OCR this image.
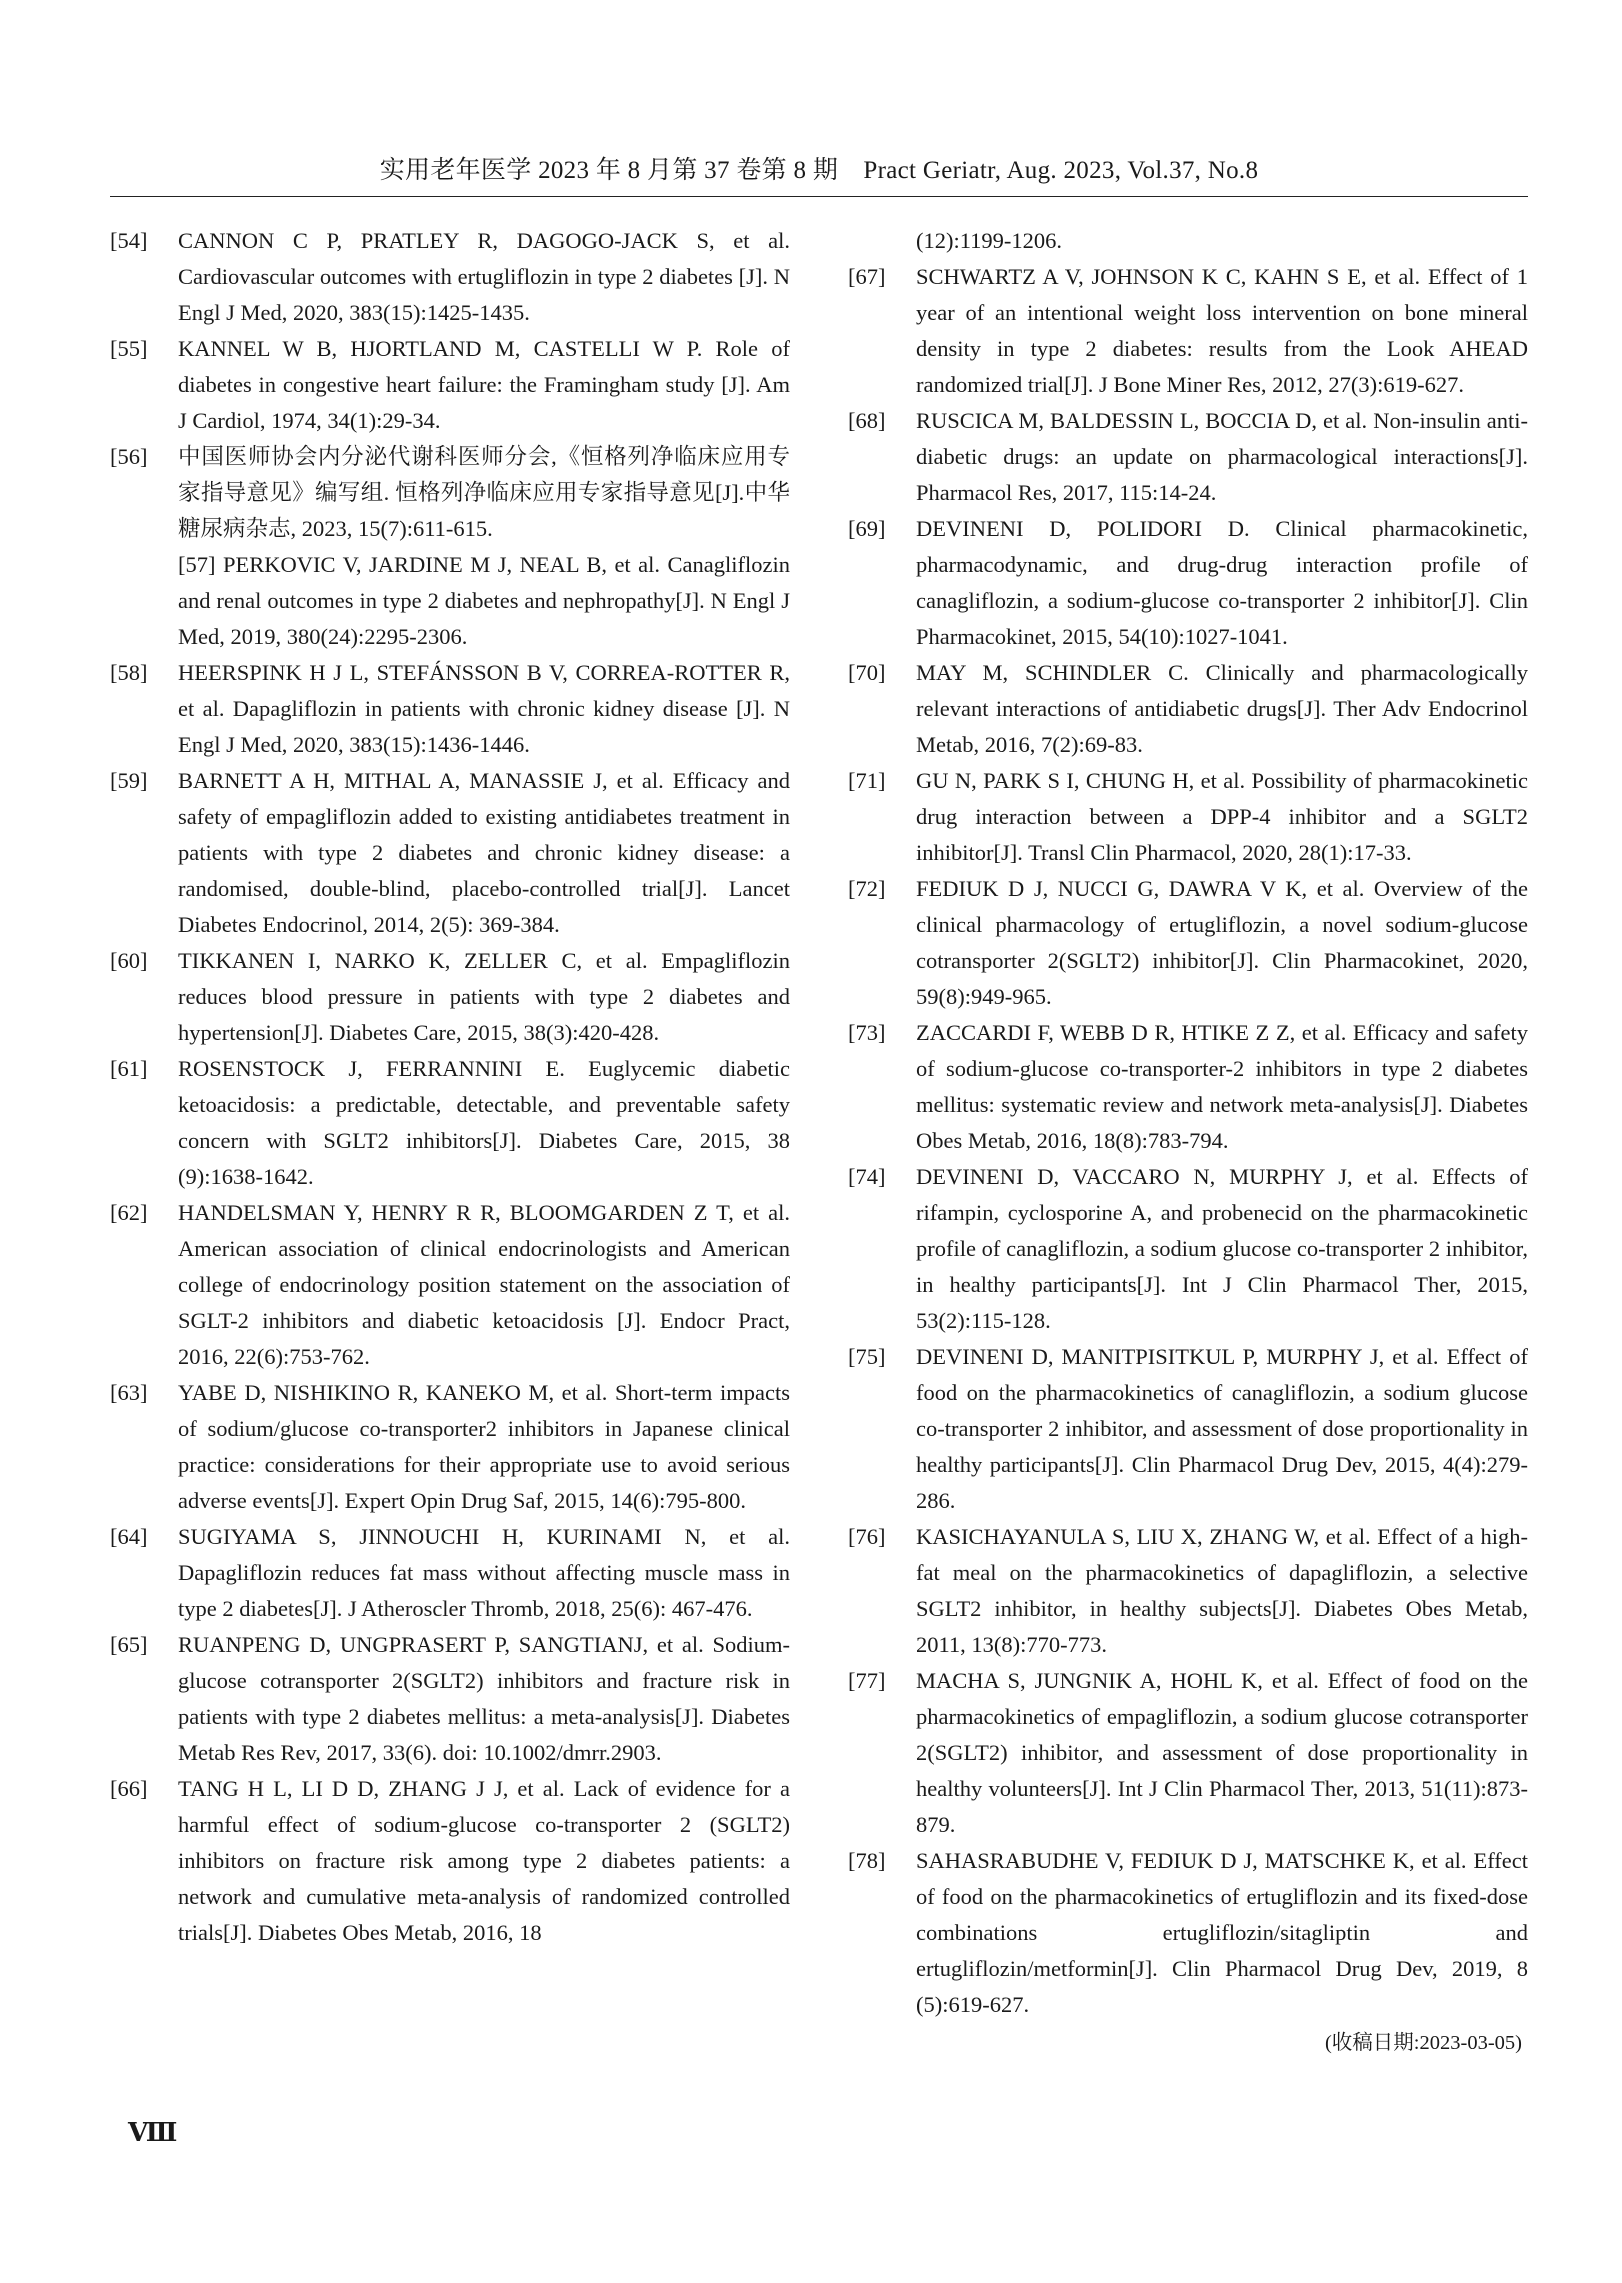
实用老年医学 2023 年 8 月第 37 卷第 8 期　Pract Geriatr, Aug. 2023, Vol.37, No.8
[54]	CANNON C P, PRATLEY R, DAGOGO-JACK S, et al. Cardiovascular outcomes with ertugliflozin in type 2 diabetes [J]. N Engl J Med, 2020, 383(15):1425-1435.
[55]	KANNEL W B, HJORTLAND M, CASTELLI W P. Role of diabetes in congestive heart failure: the Framingham study [J]. Am J Cardiol, 1974, 34(1):29-34.
[56]	中国医师协会内分泌代谢科医师分会,《恒格列净临床应用专家指导意见》编写组. 恒格列净临床应用专家指导意见[J].中华糖尿病杂志, 2023, 15(7):611-615.
[57] PERKOVIC V, JARDINE M J, NEAL B, et al. Canagliflozin and renal outcomes in type 2 diabetes and nephropathy[J]. N Engl J Med, 2019, 380(24):2295-2306.
[58]	HEERSPINK H J L, STEFÁNSSON B V, CORREA-ROTTER R, et al. Dapagliflozin in patients with chronic kidney disease [J]. N Engl J Med, 2020, 383(15):1436-1446.
[59]	BARNETT A H, MITHAL A, MANASSIE J, et al. Efficacy and safety of empagliflozin added to existing antidiabetes treatment in patients with type 2 diabetes and chronic kidney disease: a randomised, double-blind, placebo-controlled trial[J]. Lancet Diabetes Endocrinol, 2014, 2(5): 369-384.
[60]	TIKKANEN I, NARKO K, ZELLER C, et al. Empagliflozin reduces blood pressure in patients with type 2 diabetes and hypertension[J]. Diabetes Care, 2015, 38(3):420-428.
[61]	ROSENSTOCK J, FERRANNINI E. Euglycemic diabetic ketoacidosis: a predictable, detectable, and preventable safety concern with SGLT2 inhibitors[J]. Diabetes Care, 2015, 38 (9):1638-1642.
[62]	HANDELSMAN Y, HENRY R R, BLOOMGARDEN Z T, et al. American association of clinical endocrinologists and American college of endocrinology position statement on the association of SGLT-2 inhibitors and diabetic ketoacidosis [J]. Endocr Pract, 2016, 22(6):753-762.
[63]	YABE D, NISHIKINO R, KANEKO M, et al. Short-term impacts of sodium/glucose co-transporter2 inhibitors in Japanese clinical practice: considerations for their appropriate use to avoid serious adverse events[J]. Expert Opin Drug Saf, 2015, 14(6):795-800.
[64]	SUGIYAMA S, JINNOUCHI H, KURINAMI N, et al. Dapagliflozin reduces fat mass without affecting muscle mass in type 2 diabetes[J]. J Atheroscler Thromb, 2018, 25(6): 467-476.
[65]	RUANPENG D, UNGPRASERT P, SANGTIANJ, et al. Sodium-glucose cotransporter 2(SGLT2) inhibitors and fracture risk in patients with type 2 diabetes mellitus: a meta-analysis[J]. Diabetes Metab Res Rev, 2017, 33(6). doi: 10.1002/dmrr.2903.
[66]	TANG H L, LI D D, ZHANG J J, et al. Lack of evidence for a harmful effect of sodium-glucose co-transporter 2 (SGLT2) inhibitors on fracture risk among type 2 diabetes patients: a network and cumulative meta-analysis of randomized controlled trials[J]. Diabetes Obes Metab, 2016, 18
(12):1199-1206.
[67]	SCHWARTZ A V, JOHNSON K C, KAHN S E, et al. Effect of 1 year of an intentional weight loss intervention on bone mineral density in type 2 diabetes: results from the Look AHEAD randomized trial[J]. J Bone Miner Res, 2012, 27(3):619-627.
[68]	RUSCICA M, BALDESSIN L, BOCCIA D, et al. Non-insulin anti-diabetic drugs: an update on pharmacological interactions[J]. Pharmacol Res, 2017, 115:14-24.
[69]	DEVINENI D, POLIDORI D. Clinical pharmacokinetic, pharmacodynamic, and drug-drug interaction profile of canagliflozin, a sodium-glucose co-transporter 2 inhibitor[J]. Clin Pharmacokinet, 2015, 54(10):1027-1041.
[70]	MAY M, SCHINDLER C. Clinically and pharmacologically relevant interactions of antidiabetic drugs[J]. Ther Adv Endocrinol Metab, 2016, 7(2):69-83.
[71]	GU N, PARK S I, CHUNG H, et al. Possibility of pharmacokinetic drug interaction between a DPP-4 inhibitor and a SGLT2 inhibitor[J]. Transl Clin Pharmacol, 2020, 28(1):17-33.
[72]	FEDIUK D J, NUCCI G, DAWRA V K, et al. Overview of the clinical pharmacology of ertugliflozin, a novel sodium-glucose cotransporter 2(SGLT2) inhibitor[J]. Clin Pharmacokinet, 2020, 59(8):949-965.
[73]	ZACCARDI F, WEBB D R, HTIKE Z Z, et al. Efficacy and safety of sodium-glucose co-transporter-2 inhibitors in type 2 diabetes mellitus: systematic review and network meta-analysis[J]. Diabetes Obes Metab, 2016, 18(8):783-794.
[74]	DEVINENI D, VACCARO N, MURPHY J, et al. Effects of rifampin, cyclosporine A, and probenecid on the pharmacokinetic profile of canagliflozin, a sodium glucose co-transporter 2 inhibitor, in healthy participants[J]. Int J Clin Pharmacol Ther, 2015, 53(2):115-128.
[75]	DEVINENI D, MANITPISITKUL P, MURPHY J, et al. Effect of food on the pharmacokinetics of canagliflozin, a sodium glucose co-transporter 2 inhibitor, and assessment of dose proportionality in healthy participants[J]. Clin Pharmacol Drug Dev, 2015, 4(4):279-286.
[76]	KASICHAYANULA S, LIU X, ZHANG W, et al. Effect of a high-fat meal on the pharmacokinetics of dapagliflozin, a selective SGLT2 inhibitor, in healthy subjects[J]. Diabetes Obes Metab, 2011, 13(8):770-773.
[77]	MACHA S, JUNGNIK A, HOHL K, et al. Effect of food on the pharmacokinetics of empagliflozin, a sodium glucose cotransporter 2(SGLT2) inhibitor, and assessment of dose proportionality in healthy volunteers[J]. Int J Clin Pharmacol Ther, 2013, 51(11):873-879.
[78]	SAHASRABUDHE V, FEDIUK D J, MATSCHKE K, et al. Effect of food on the pharmacokinetics of ertugliflozin and its fixed-dose combinations ertugliflozin/sitagliptin and ertugliflozin/metformin[J]. Clin Pharmacol Drug Dev, 2019, 8 (5):619-627.
(收稿日期:2023-03-05)
Ⅷ
